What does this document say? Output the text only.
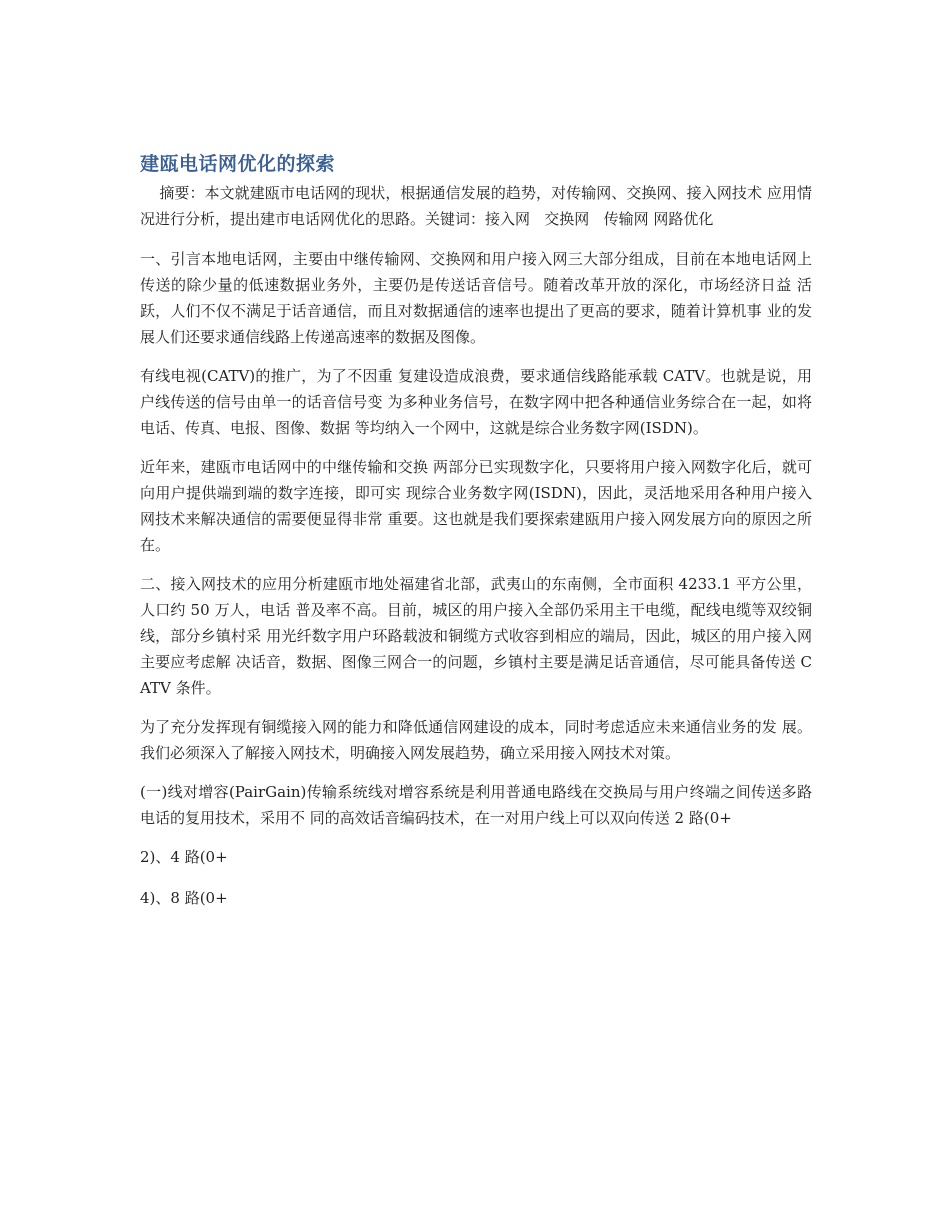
建瓯电话网优化的探索

摘要：本文就建瓯市电话网的现状，根据通信发展的趋势，对传输网、交换网、接入网技术 应用情况进行分析，提出建市电话网优化的思路。关键词：接入网   交换网   传输网 网路优化

一、引言本地电话网，主要由中继传输网、交换网和用户接入网三大部分组成，目前在本地电话网上 传送的除少量的低速数据业务外，主要仍是传送话音信号。随着改革开放的深化，市场经济日益 活跃，人们不仅不满足于话音通信，而且对数据通信的速率也提出了更高的要求，随着计算机事 业的发展人们还要求通信线路上传递高速率的数据及图像。

有线电视(CATV)的推广，为了不因重 复建设造成浪费，要求通信线路能承载 CATV。也就是说，用户线传送的信号由单一的话音信号变 为多种业务信号，在数字网中把各种通信业务综合在一起，如将电话、传真、电报、图像、数据 等均纳入一个网中，这就是综合业务数字网(ISDN)。

近年来，建瓯市电话网中的中继传输和交换 两部分已实现数字化，只要将用户接入网数字化后，就可向用户提供端到端的数字连接，即可实 现综合业务数字网(ISDN)，因此，灵活地采用各种用户接入网技术来解决通信的需要便显得非常 重要。这也就是我们要探索建瓯用户接入网发展方向的原因之所在。

二、接入网技术的应用分析建瓯市地处福建省北部，武夷山的东南侧，全市面积 4233.1 平方公里，人口约 50 万人，电话 普及率不高。目前，城区的用户接入全部仍采用主干电缆，配线电缆等双绞铜线，部分乡镇村采 用光纤数字用户环路载波和铜缆方式收容到相应的端局，因此，城区的用户接入网主要应考虑解 决话音，数据、图像三网合一的问题，乡镇村主要是满足话音通信，尽可能具备传送 CATV 条件。

为了充分发挥现有铜缆接入网的能力和降低通信网建设的成本，同时考虑适应未来通信业务的发 展。我们必须深入了解接入网技术，明确接入网发展趋势，确立采用接入网技术对策。

(一)线对增容(PairGain)传输系统线对增容系统是利用普通电路线在交换局与用户终端之间传送多路电话的复用技术，采用不 同的高效话音编码技术，在一对用户线上可以双向传送 2 路(0+

2)、4 路(0+

4)、8 路(0+
